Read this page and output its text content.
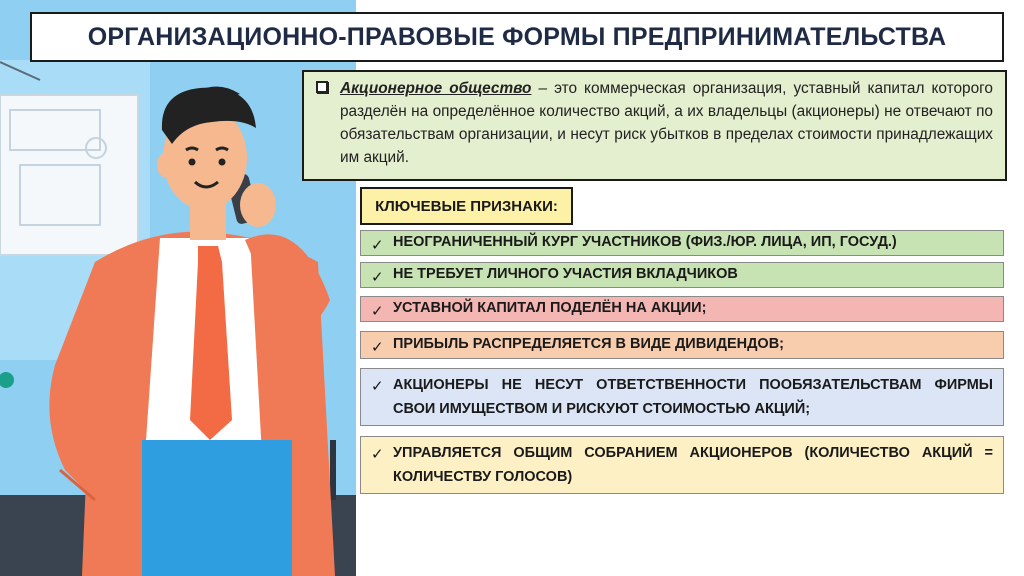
ОРГАНИЗАЦИОННО-ПРАВОВЫЕ ФОРМЫ ПРЕДПРИНИМАТЕЛЬСТВА
Акционерное общество – это коммерческая организация, уставный капитал которого разделён на определённое количество акций, а их владельцы (акционеры) не отвечают по обязательствам организации, и несут риск убытков в пределах стоимости принадлежащих им акций.
КЛЮЧЕВЫЕ ПРИЗНАКИ:
✓ НЕОГРАНИЧЕННЫЙ КУРГ УЧАСТНИКОВ (ФИЗ./ЮР. ЛИЦА, ИП, ГОСУД.)
✓ НЕ ТРЕБУЕТ ЛИЧНОГО УЧАСТИЯ ВКЛАДЧИКОВ
✓ УСТАВНОЙ КАПИТАЛ ПОДЕЛЁН НА АКЦИИ;
✓ ПРИБЫЛЬ РАСПРЕДЕЛЯЕТСЯ В ВИДЕ ДИВИДЕНДОВ;
✓ АКЦИОНЕРЫ НЕ НЕСУТ ОТВЕТСТВЕННОСТИ ПООБЯЗАТЕЛЬСТВАМ ФИРМЫ СВОИ ИМУЩЕСТВОМ И РИСКУЮТ СТОИМОСТЬЮ АКЦИЙ;
✓ УПРАВЛЯЕТСЯ ОБЩИМ СОБРАНИЕМ АКЦИОНЕРОВ (КОЛИЧЕСТВО АКЦИЙ = КОЛИЧЕСТВУ ГОЛОСОВ)
